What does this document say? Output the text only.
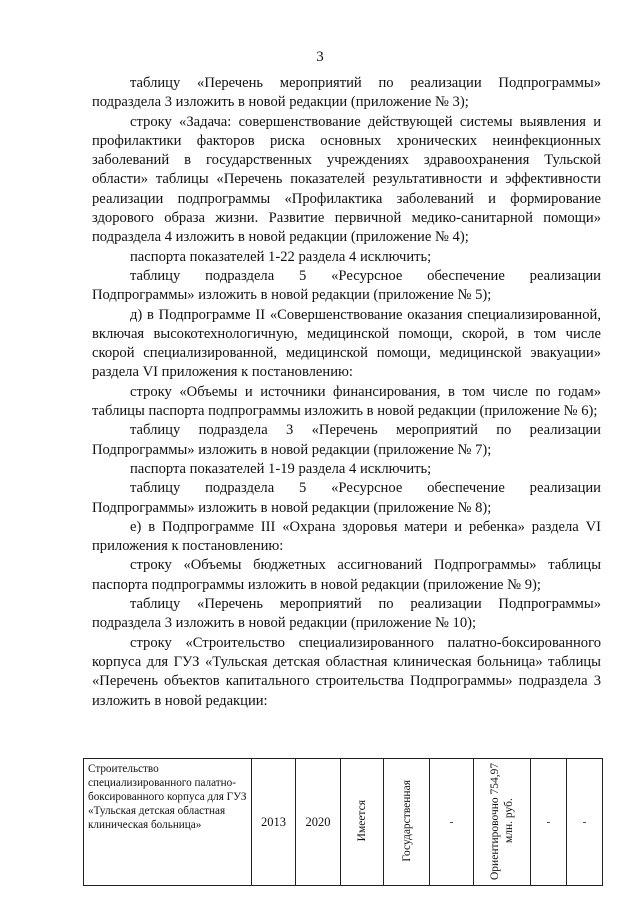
3

таблицу «Перечень мероприятий по реализации Подпрограммы» подраздела 3 изложить в новой редакции (приложение № 3);

строку «Задача: совершенствование действующей системы выявления и профилактики факторов риска основных хронических неинфекционных заболеваний в государственных учреждениях здравоохранения Тульской области» таблицы «Перечень показателей результативности и эффективности реализации подпрограммы «Профилактика заболеваний и формирование здорового образа жизни. Развитие первичной медико-санитарной помощи» подраздела 4 изложить в новой редакции (приложение № 4);

паспорта показателей 1-22 раздела 4 исключить;

таблицу подраздела 5 «Ресурсное обеспечение реализации Подпрограммы» изложить в новой редакции (приложение № 5);

д) в Подпрограмме II «Совершенствование оказания специализированной, включая высокотехнологичную, медицинской помощи, скорой, в том числе скорой специализированной, медицинской помощи, медицинской эвакуации» раздела VI приложения к постановлению:

строку «Объемы и источники финансирования, в том числе по годам» таблицы паспорта подпрограммы изложить в новой редакции (приложение № 6);

таблицу подраздела 3 «Перечень мероприятий по реализации Подпрограммы» изложить в новой редакции (приложение № 7);

паспорта показателей 1-19 раздела 4 исключить;

таблицу подраздела 5 «Ресурсное обеспечение реализации Подпрограммы» изложить в новой редакции (приложение № 8);

е) в Подпрограмме III «Охрана здоровья матери и ребенка» раздела VI приложения к постановлению:

строку «Объемы бюджетных ассигнований Подпрограммы» таблицы паспорта подпрограммы изложить в новой редакции (приложение № 9);

таблицу «Перечень мероприятий по реализации Подпрограммы» подраздела 3 изложить в новой редакции (приложение № 10);

строку «Строительство специализированного палатно-боксированного корпуса для ГУЗ «Тульская детская областная клиническая больница» таблицы «Перечень объектов капитального строительства Подпрограммы» подраздела 3 изложить в новой редакции:

Строительство специализированного палатно-боксированного корпуса для ГУЗ «Тульская детская областная клиническая больница»	2013	2020	Имеется	Государственная	-	Ориентировочно 754,97 млн. руб.	-	-
